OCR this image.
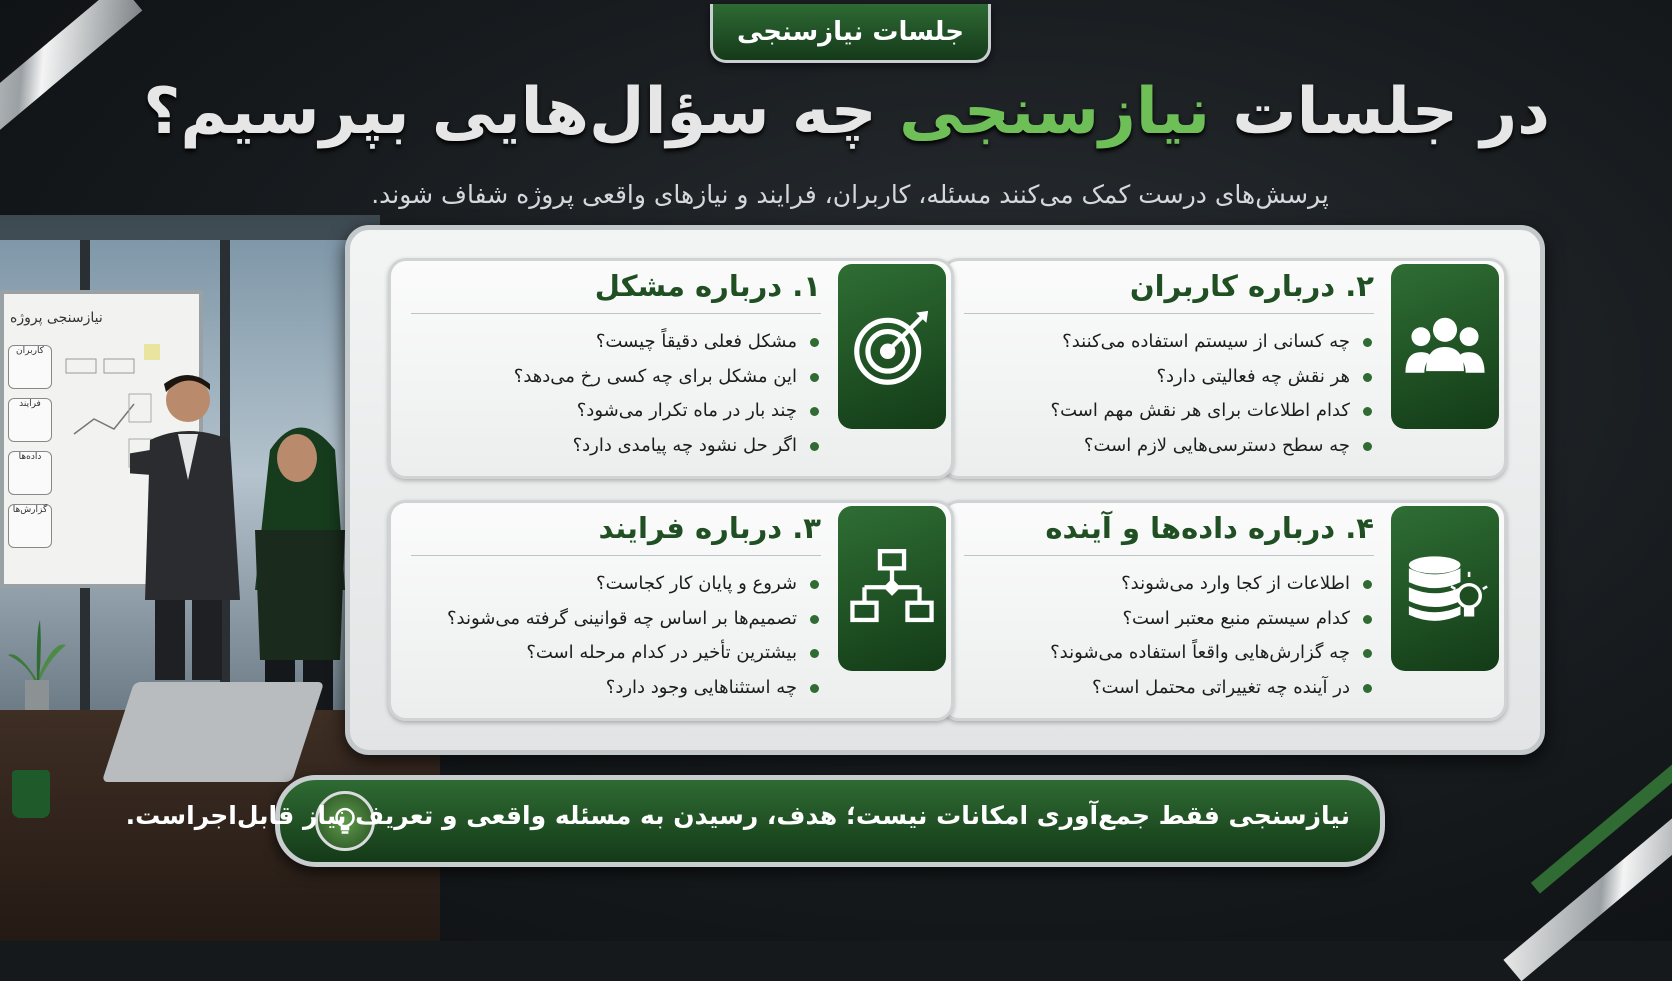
نیازسنجی پروژه
کاربران
فرایند
داده‌ها
گزارش‌ها
جلسات نیازسنجی
در جلسات نیازسنجی چه سؤال‌هایی بپرسیم؟
پرسش‌های درست کمک می‌کنند مسئله، کاربران، فرایند و نیازهای واقعی پروژه شفاف شوند.
۲. درباره کاربران
چه کسانی از سیستم استفاده می‌کنند؟
هر نقش چه فعالیتی دارد؟
کدام اطلاعات برای هر نقش مهم است؟
چه سطح دسترسی‌هایی لازم است؟
۱. درباره مشکل
مشکل فعلی دقیقاً چیست؟
این مشکل برای چه کسی رخ می‌دهد؟
چند بار در ماه تکرار می‌شود؟
اگر حل نشود چه پیامدی دارد؟
۴. درباره داده‌ها و آینده
اطلاعات از کجا وارد می‌شوند؟
کدام سیستم منبع معتبر است؟
چه گزارش‌هایی واقعاً استفاده می‌شوند؟
در آینده چه تغییراتی محتمل است؟
۳. درباره فرایند
شروع و پایان کار کجاست؟
تصمیم‌ها بر اساس چه قوانینی گرفته می‌شوند؟
بیشترین تأخیر در کدام مرحله است؟
چه استثناهایی وجود دارد؟
نیازسنجی فقط جمع‌آوری امکانات نیست؛ هدف، رسیدن به مسئله واقعی و تعریف نیاز قابل‌اجراست.
